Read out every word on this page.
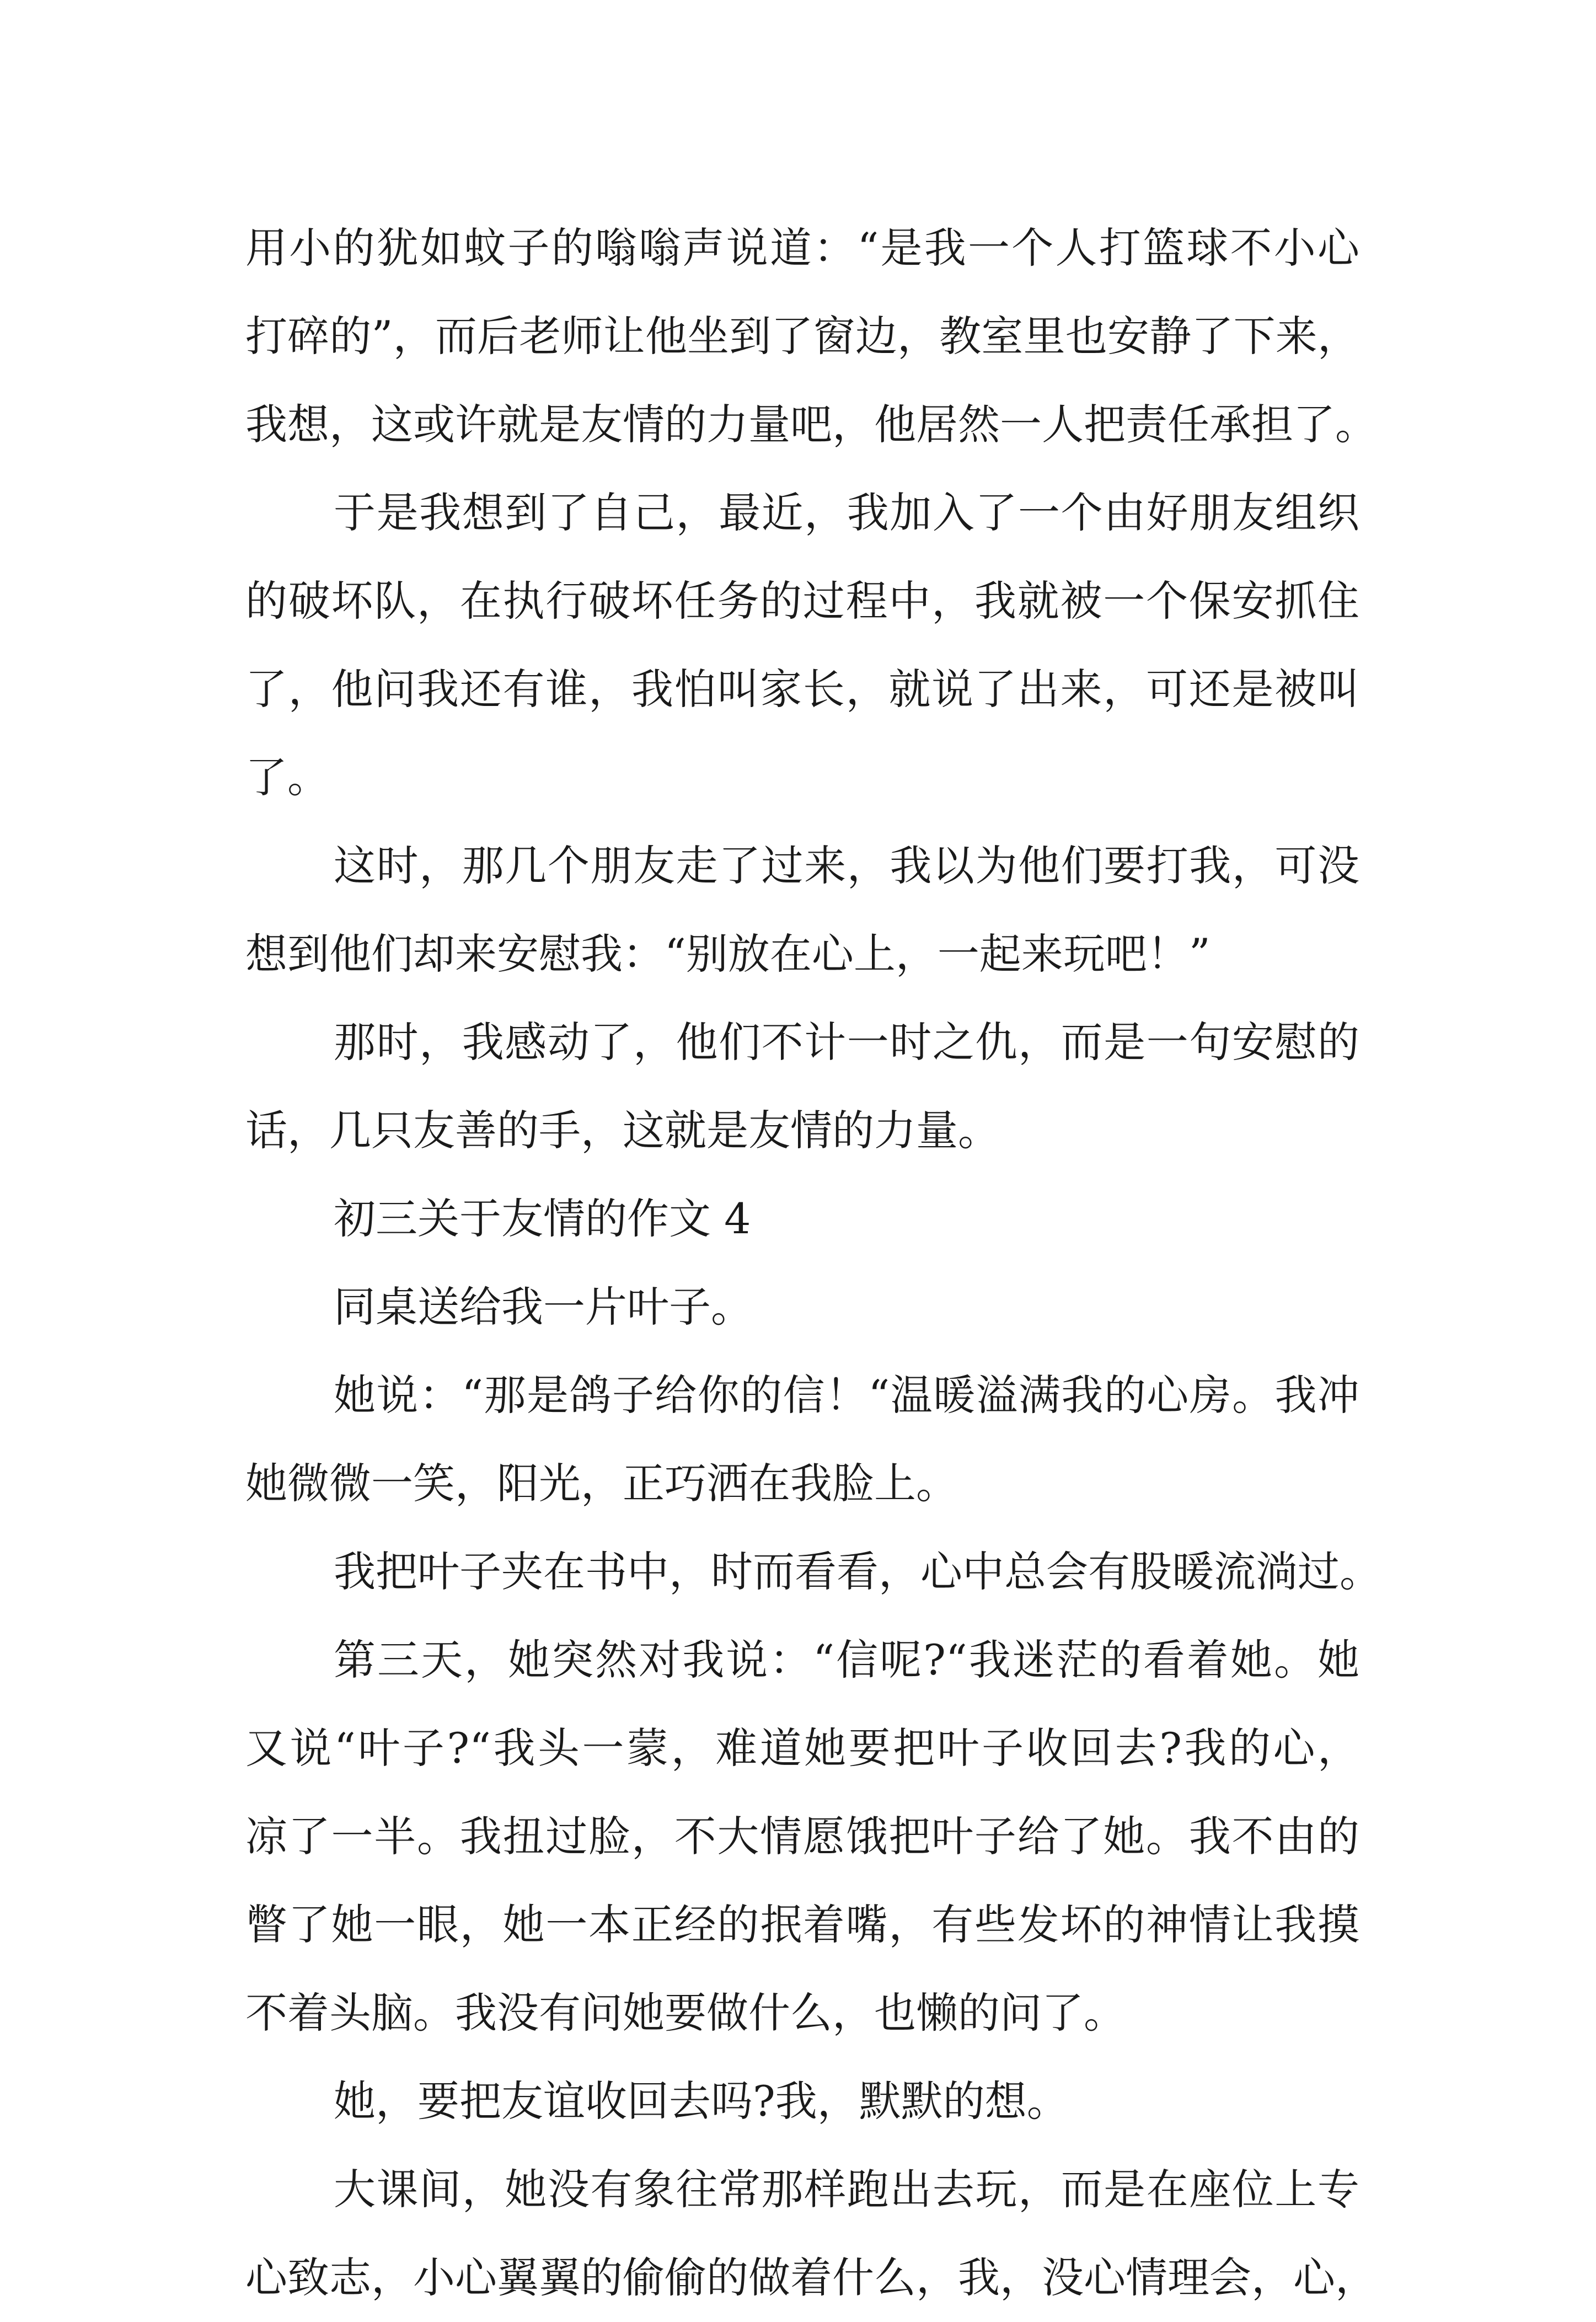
用小的犹如蚊子的嗡嗡声说道：“是我一个人打篮球不小心
打碎的”，而后老师让他坐到了窗边，教室里也安静了下来，
我想，这或许就是友情的力量吧，他居然一人把责任承担了。
于是我想到了自己，最近，我加入了一个由好朋友组织
的破坏队，在执行破坏任务的过程中，我就被一个保安抓住
了，他问我还有谁，我怕叫家长，就说了出来，可还是被叫
了。
这时，那几个朋友走了过来，我以为他们要打我，可没
想到他们却来安慰我：“别放在心上，一起来玩吧！”
那时，我感动了，他们不计一时之仇，而是一句安慰的
话，几只友善的手，这就是友情的力量。
初三关于友情的作文 4
同桌送给我一片叶子。
她说：“那是鸽子给你的信！“温暖溢满我的心房。我冲
她微微一笑，阳光，正巧洒在我脸上。
我把叶子夹在书中，时而看看，心中总会有股暖流淌过。
第三天，她突然对我说：“信呢?“我迷茫的看着她。她
又说“叶子?“我头一蒙，难道她要把叶子收回去?我的心，
凉了一半。我扭过脸，不大情愿饿把叶子给了她。我不由的
瞥了她一眼，她一本正经的抿着嘴，有些发坏的神情让我摸
不着头脑。我没有问她要做什么，也懒的问了。
她，要把友谊收回去吗?我，默默的想。
大课间，她没有象往常那样跑出去玩，而是在座位上专
心致志，小心翼翼的偷偷的做着什么，我，没心情理会，心，
